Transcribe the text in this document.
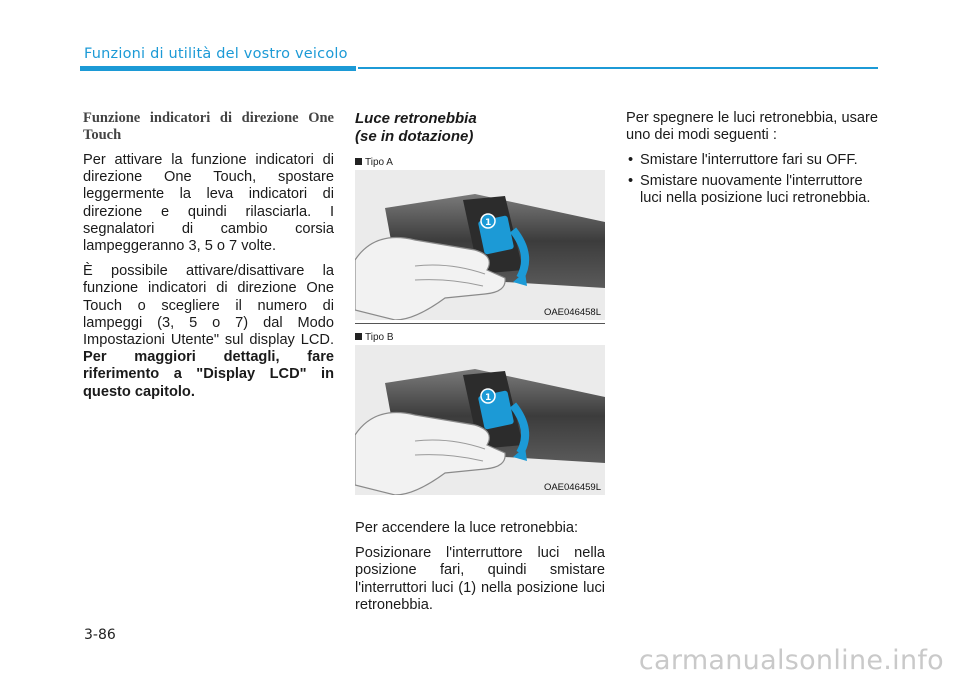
Funzioni di utilità del vostro veicolo

Funzione indicatori di direzione One Touch

Per attivare la funzione indicatori di direzione One Touch, spostare leggermente la leva indicatori di direzione e quindi rilasciarla. I segnalatori di cambio corsia lampeggeranno 3, 5 o 7 volte.

È possibile attivare/disattivare la funzione indicatori di direzione One Touch o scegliere il numero di lampeggi (3, 5 o 7) dal Modo Impostazioni Utente" sul display LCD. Per maggiori dettagli, fare riferimento a "Display LCD" in questo capitolo.

Luce retronebbia
(se in dotazione)
Tipo A
1
OAE046458L
Tipo B
1
OAE046459L

Per accendere la luce retronebbia:

Posizionare l'interruttore luci nella posizione fari, quindi smistare l'interruttori luci (1) nella posizione luci retronebbia.

Per spegnere le luci retronebbia, usare uno dei modi seguenti :

• Smistare l'interruttore fari su OFF.
• Smistare nuovamente l'interruttore luci nella posizione luci retronebbia.
3-86
carmanualsonline.info
